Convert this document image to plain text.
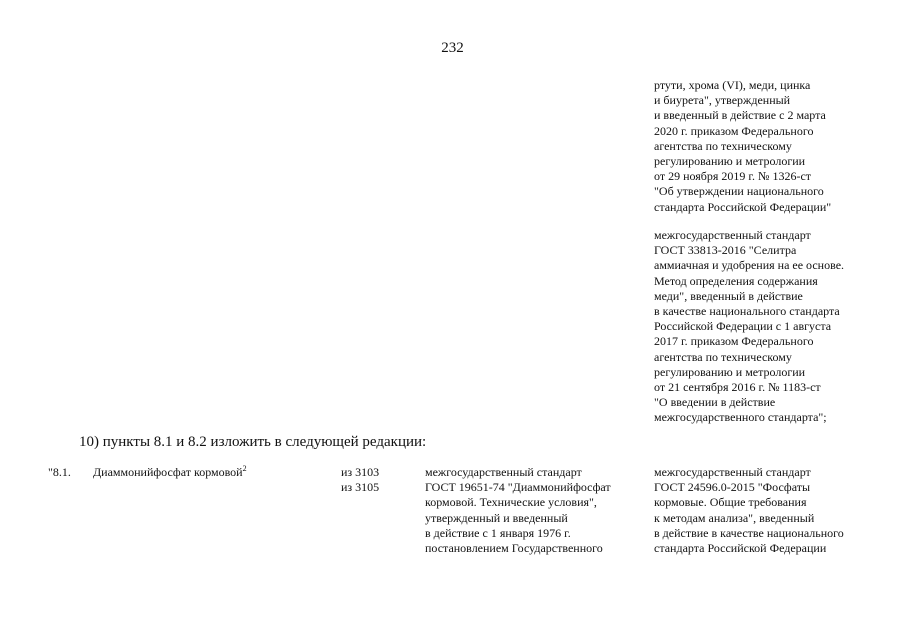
232
ртути, хрома (VI), меди, цинка
и биурета", утвержденный
и введенный в действие с 2 марта
2020 г. приказом Федерального
агентства по техническому
регулированию и метрологии
от 29 ноября 2019 г. № 1326-ст
"Об утверждении национального
стандарта Российской Федерации"
межгосударственный стандарт
ГОСТ 33813-2016 "Селитра
аммиачная и удобрения на ее основе.
Метод определения содержания
меди", введенный в действие
в качестве национального стандарта
Российской Федерации с 1 августа
2017 г. приказом Федерального
агентства по техническому
регулированию и метрологии
от 21 сентября 2016 г. № 1183-ст
"О введении в действие
межгосударственного стандарта";
10) пункты 8.1 и 8.2 изложить в следующей редакции:
"8.1. Диаммонийфосфат кормовой$^2$	из 3103
из 3105
межгосударственный стандарт
ГОСТ 19651-74 "Диаммонийфосфат
кормовой. Технические условия",
утвержденный и введенный
в действие с 1 января 1976 г.
постановлением Государственного
межгосударственный стандарт
ГОСТ 24596.0-2015 "Фосфаты
кормовые. Общие требования
к методам анализа", введенный
в действие в качестве национального
стандарта Российской Федерации
